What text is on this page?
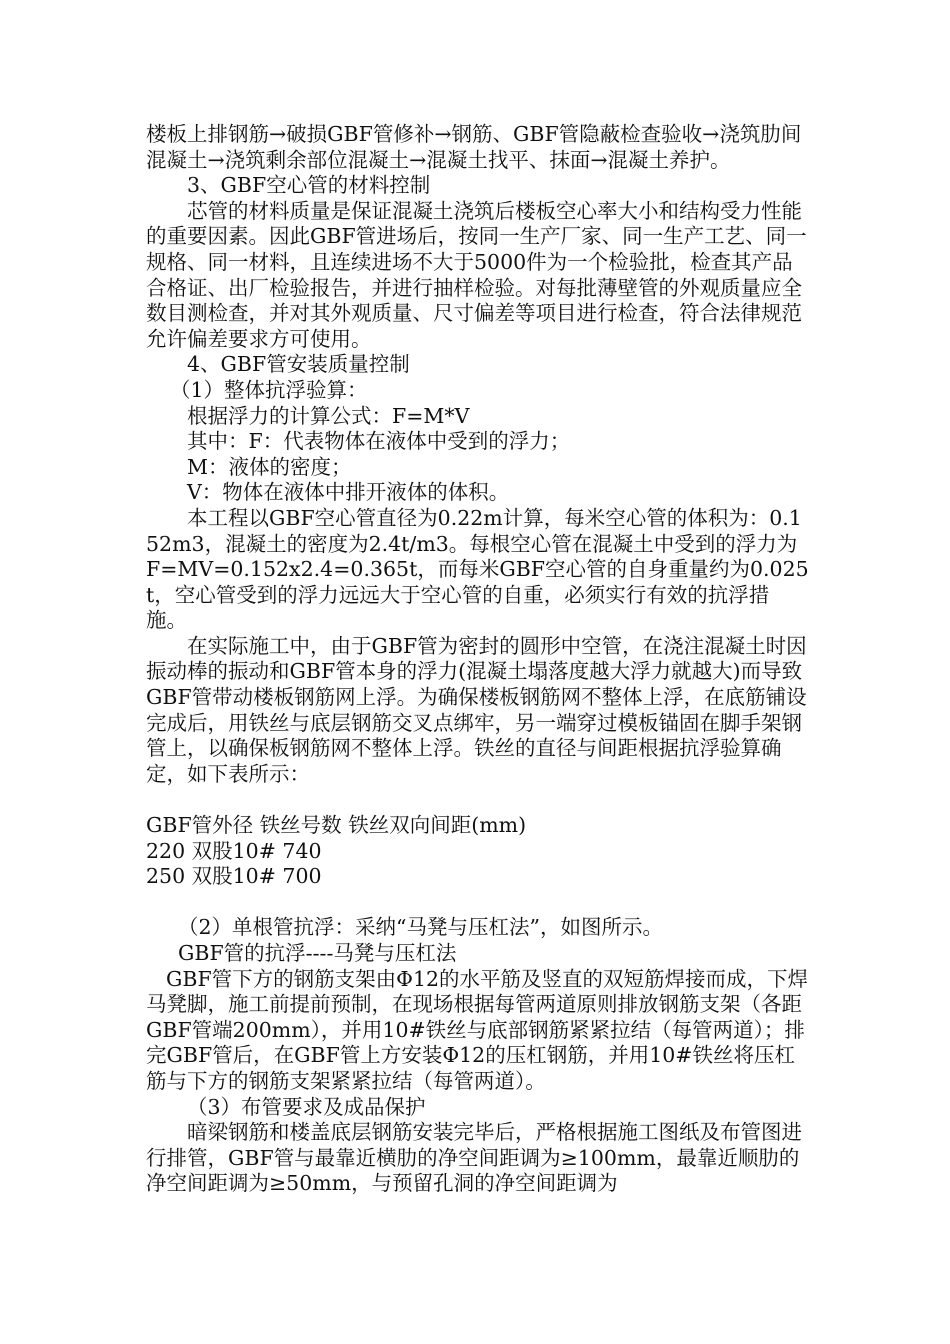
楼板上排钢筋→破损GBF管修补→钢筋、GBF管隐蔽检查验收→浇筑肋间混凝土→浇筑剩余部位混凝土→混凝土找平、抹面→混凝土养护。

3、GBF空心管的材料控制

芯管的材料质量是保证混凝土浇筑后楼板空心率大小和结构受力性能的重要因素。因此GBF管进场后，按同一生产厂家、同一生产工艺、同一规格、同一材料，且连续进场不大于5000件为一个检验批，检查其产品合格证、出厂检验报告，并进行抽样检验。对每批薄壁管的外观质量应全数目测检查，并对其外观质量、尺寸偏差等项目进行检查，符合法律规范允许偏差要求方可使用。

4、GBF管安装质量控制

（1）整体抗浮验算：

根据浮力的计算公式：F=M*V

其中：F：代表物体在液体中受到的浮力；

M：液体的密度；

V：物体在液体中排开液体的体积。

本工程以GBF空心管直径为0.22m计算，每米空心管的体积为：0.152m3，混凝土的密度为2.4t/m3。每根空心管在混凝土中受到的浮力为F=MV=0.152x2.4=0.365t，而每米GBF空心管的自身重量约为0.025t，空心管受到的浮力远远大于空心管的自重，必须实行有效的抗浮措施。

在实际施工中，由于GBF管为密封的圆形中空管，在浇注混凝土时因振动棒的振动和GBF管本身的浮力(混凝土塌落度越大浮力就越大)而导致GBF管带动楼板钢筋网上浮。为确保楼板钢筋网不整体上浮，在底筋铺设完成后，用铁丝与底层钢筋交叉点绑牢，另一端穿过模板锚固在脚手架钢管上，以确保板钢筋网不整体上浮。铁丝的直径与间距根据抗浮验算确定，如下表所示：

GBF管外径 铁丝号数 铁丝双向间距(mm)

220 双股10# 740

250 双股10# 700

（2）单根管抗浮：采纳“马凳与压杠法”，如图所示。

GBF管的抗浮----马凳与压杠法

GBF管下方的钢筋支架由Φ12的水平筋及竖直的双短筋焊接而成，下焊马凳脚，施工前提前预制，在现场根据每管两道原则排放钢筋支架（各距GBF管端200mm），并用10#铁丝与底部钢筋紧紧拉结（每管两道）；排完GBF管后，在GBF管上方安装Φ12的压杠钢筋，并用10#铁丝将压杠筋与下方的钢筋支架紧紧拉结（每管两道）。

（3）布管要求及成品保护

暗梁钢筋和楼盖底层钢筋安装完毕后，严格根据施工图纸及布管图进行排管，GBF管与最靠近横肋的净空间距调为≥100mm，最靠近顺肋的净空间距调为≥50mm，与预留孔洞的净空间距调为
